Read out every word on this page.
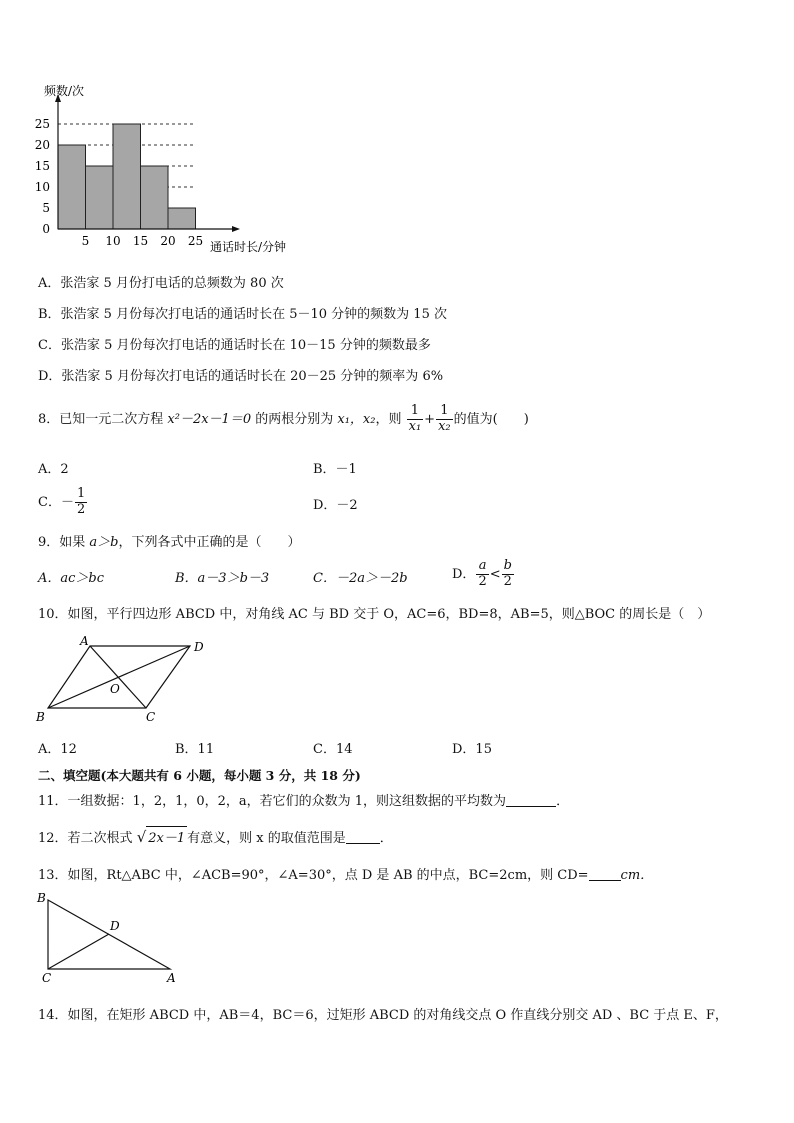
0
5
10
15
20
25
5 10 15 20 25
频数/次
通话时长/分钟
A．张浩家 5 月份打电话的总频数为 80 次
B．张浩家 5 月份每次打电话的通话时长在 5－10 分钟的频数为 15 次
C．张浩家 5 月份每次打电话的通话时长在 10－15 分钟的频数最多
D．张浩家 5 月份每次打电话的通话时长在 20－25 分钟的频率为 6%
8．已知一元二次方程 x²－2x－1＝0 的两根分别为 x₁，x₂，则 $\frac{1}{\text{x₁}} + \frac{1}{\text{x₂}}$ 的值为(　　)
A．2	B．－1
C．－ $\frac{1}{2}$	D．－2
9．如果 a＞b，下列各式中正确的是（　　）
A．ac＞bc	B．a－3＞b－3	C．－2a＞－2b	D． $\frac{a}{2} < \frac{b}{2}$
10．如图，平行四边形 ABCD 中，对角线 AC 与 BD 交于 O，AC=6，BD=8，AB=5，则△BOC 的周长是（　）
A	D
B	C
O
A．12	B．11	C．14	D．15
二、填空题(本大题共有 6 小题，每小题 3 分，共 18 分)
11．一组数据：1，2，1，0，2，a，若它们的众数为 1，则这组数据的平均数为	．
12．若二次根式 √ 2x－1 有意义，则 x 的取值范围是	．
13．如图，Rt△ABC 中，∠ACB=90°，∠A=30°，点 D 是 AB 的中点，BC=2cm，则 CD= cm．
B
D
C	A
14．如图，在矩形 ABCD 中，AB＝4，BC＝6，过矩形 ABCD 的对角线交点 O 作直线分别交 AD 、BC 于点 E、F，
